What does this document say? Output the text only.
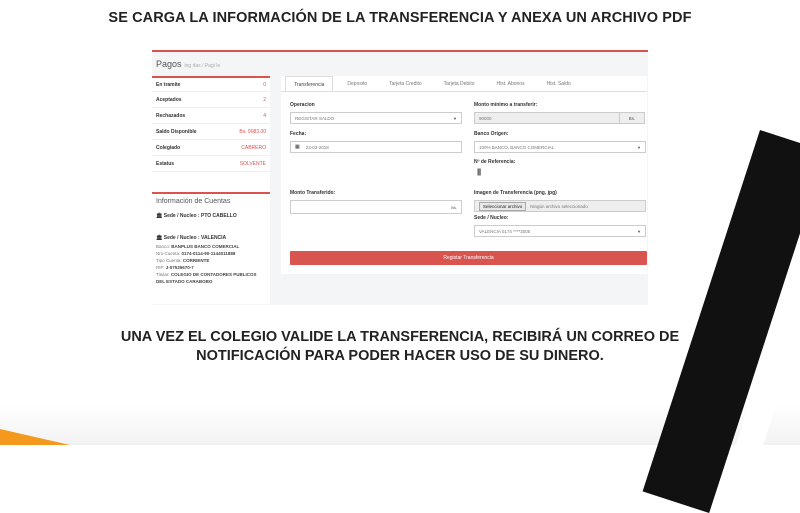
SE CARGA LA INFORMACIÓN DE LA TRANSFERENCIA Y ANEXA UN ARCHIVO PDF
Pagos ing das / Pagi le
En tramite	0
Aceptados	2
Rechazados	4
Saldo Disponible	Bs. 9083.00
Colegiado	CABRERO
Estatus	SOLVENTE
Información de Cuentas
🏛 Sede / Nucleo : PTO CABELLO
🏛 Sede / Nucleo : VALENCIA
Banco: BANPLUS BANCO COMERCIAL
Nro Cuenta: 0174-0114-90-1144011888
Tipo Cuenta: CORRIENTE
RIF: J-07535670-7
Titular: COLEGIO DE CONTADORES PUBLICOS DEL ESTADO CARABOBO
Transferencia	Deposito	Tarjeta Credito	Tarjeta Debito	Hist. Abonos	Hist. Saldo
Operacion
REGISTAR SALDO	▼
Monto mínimo a transferir:
90000	Bs.
Fecha:
▦ 23-03-2018
Banco Origen:
100% BANCO, BANCO COMERCIAL	▼
Nº de Referencia:
||||
Monto Transferido:
Bs.
Imagen de Transferencia (png, jpg)
Seleccionar archivo	Ningún archivo seleccionado
Sede / Nucleo:
VALENCIA 0174 ****2005	▼
Registar Transferencia
UNA VEZ EL COLEGIO VALIDE LA TRANSFERENCIA, RECIBIRÁ UN CORREO DE
NOTIFICACIÓN PARA PODER HACER USO DE SU DINERO.
